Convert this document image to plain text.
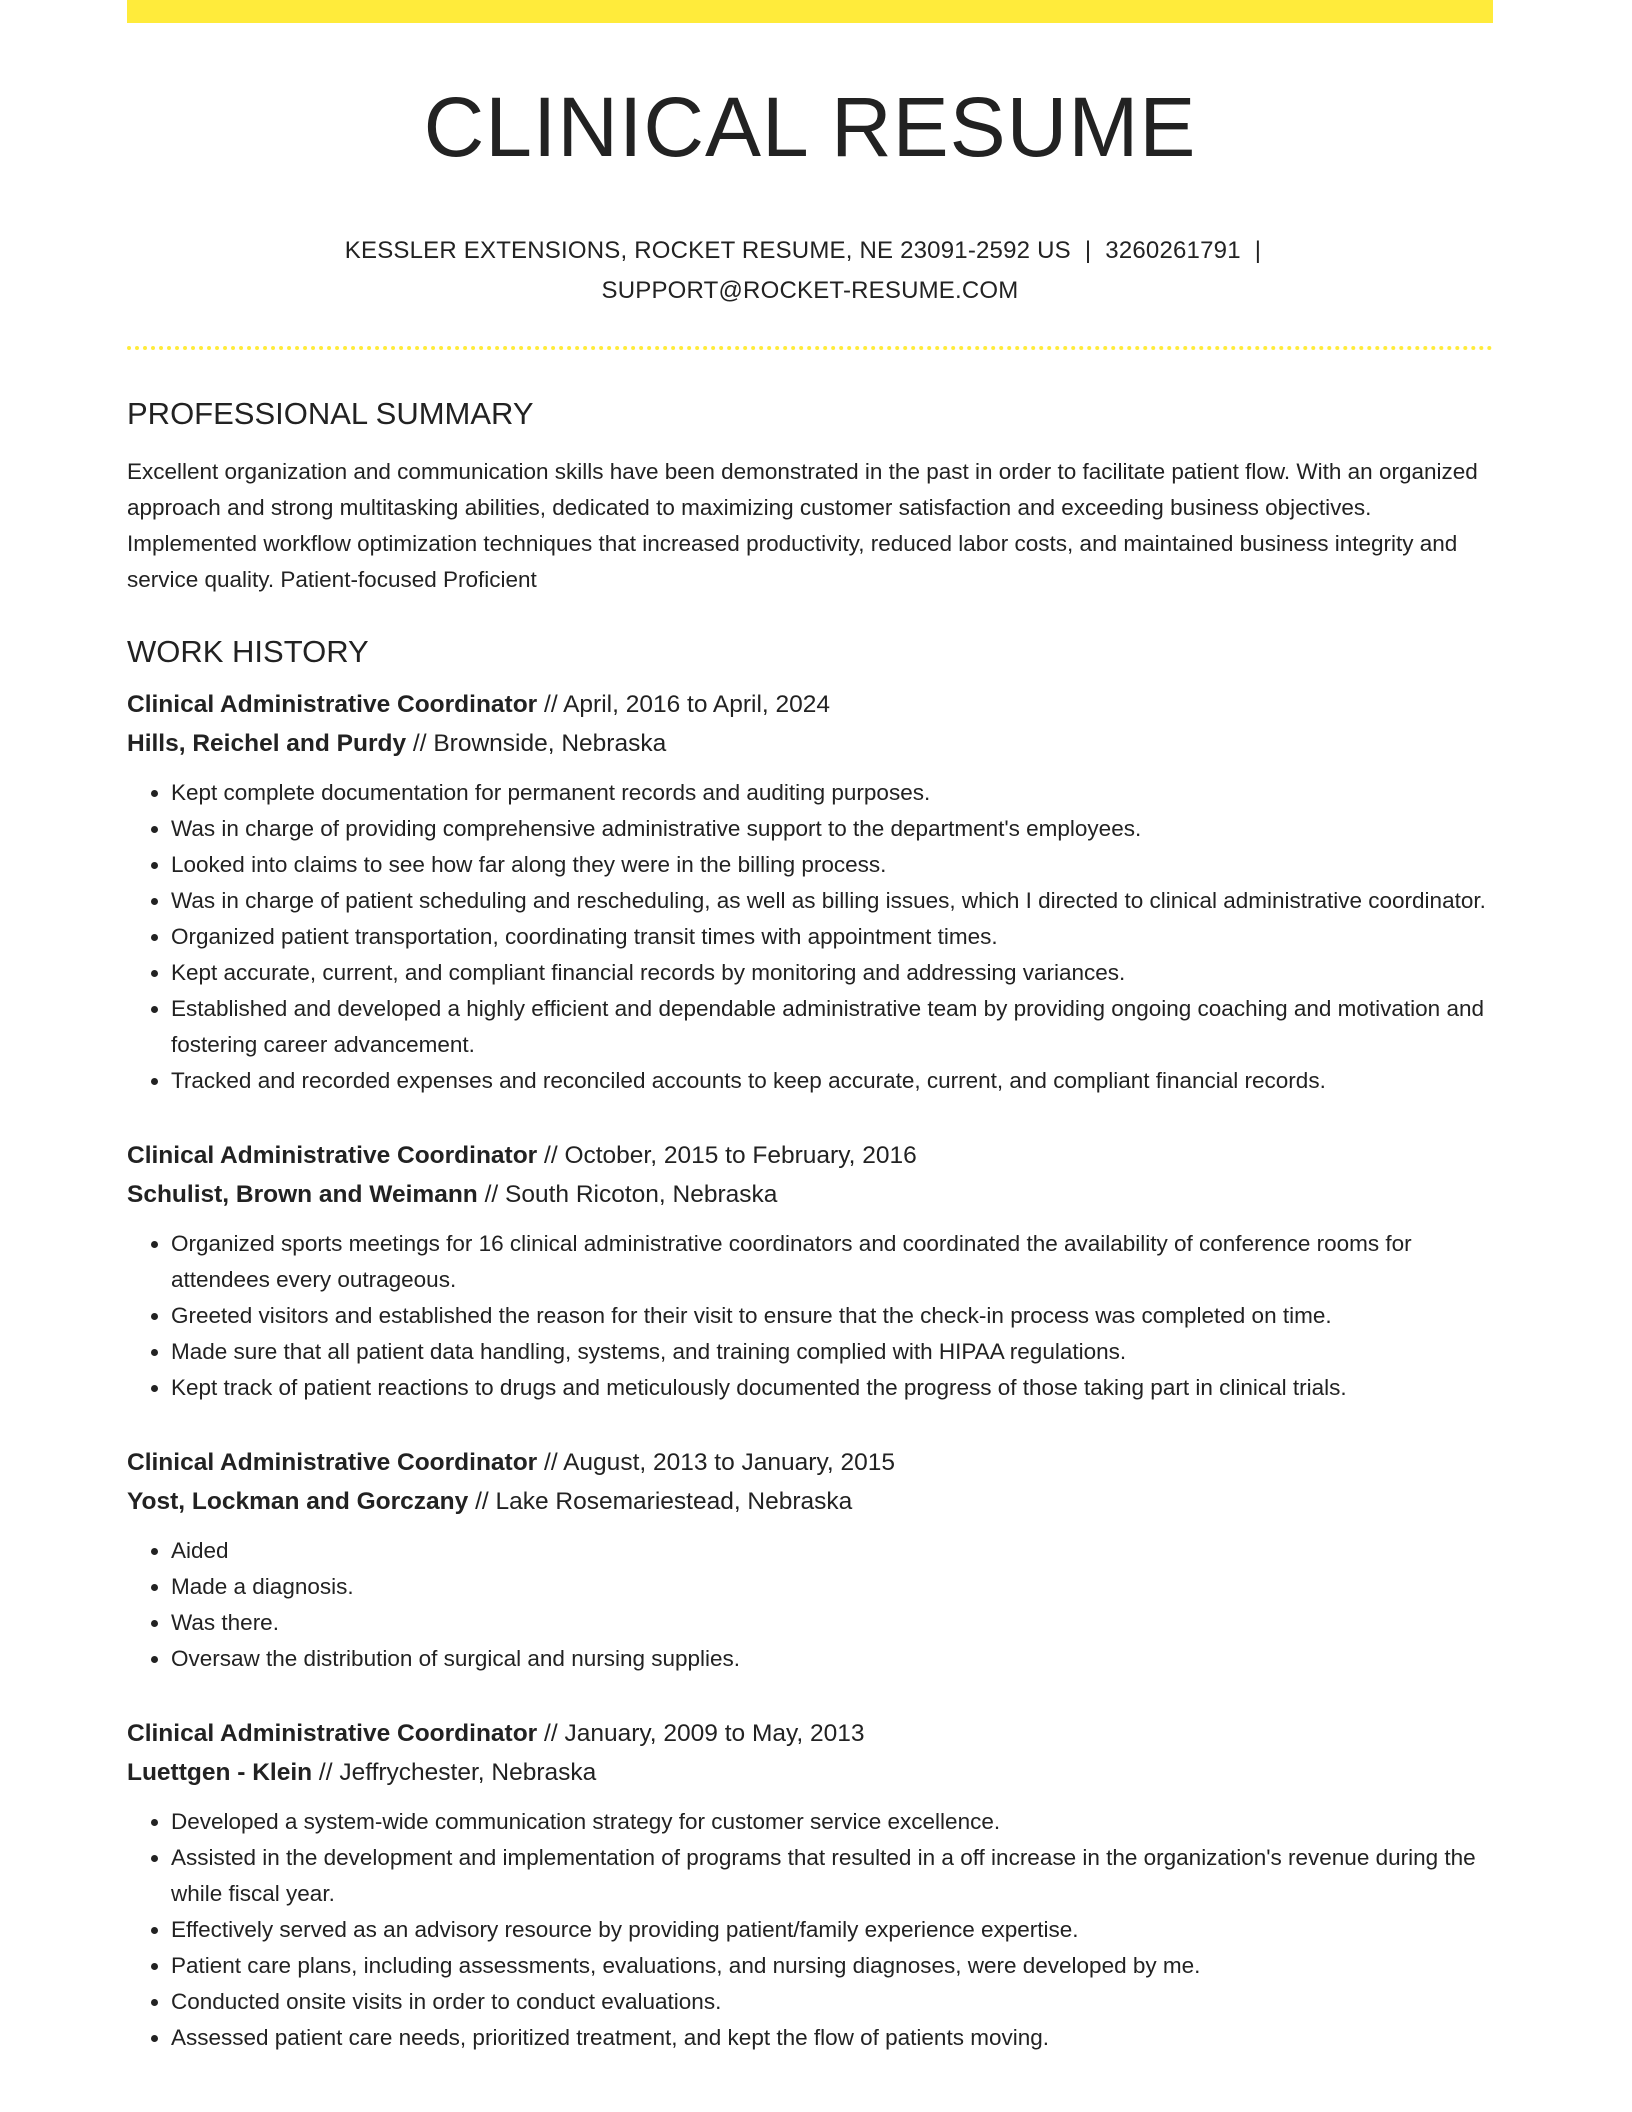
CLINICAL RESUME
KESSLER EXTENSIONS, ROCKET RESUME, NE 23091-2592 US | 3260261791 |
SUPPORT@ROCKET-RESUME.COM
PROFESSIONAL SUMMARY

Excellent organization and communication skills have been demonstrated in the past in order to facilitate patient flow. With an organized approach and strong multitasking abilities, dedicated to maximizing customer satisfaction and exceeding business objectives. Implemented workflow optimization techniques that increased productivity, reduced labor costs, and maintained business integrity and service quality. Patient-focused Proficient

WORK HISTORY
Clinical Administrative Coordinator // April, 2016 to April, 2024
Hills, Reichel and Purdy // Brownside, Nebraska
• Kept complete documentation for permanent records and auditing purposes.
• Was in charge of providing comprehensive administrative support to the department's employees.
• Looked into claims to see how far along they were in the billing process.
• Was in charge of patient scheduling and rescheduling, as well as billing issues, which I directed to clinical administrative coordinator.
• Organized patient transportation, coordinating transit times with appointment times.
• Kept accurate, current, and compliant financial records by monitoring and addressing variances.
• Established and developed a highly efficient and dependable administrative team by providing ongoing coaching and motivation and fostering career advancement.
• Tracked and recorded expenses and reconciled accounts to keep accurate, current, and compliant financial records.
Clinical Administrative Coordinator // October, 2015 to February, 2016
Schulist, Brown and Weimann // South Ricoton, Nebraska
• Organized sports meetings for 16 clinical administrative coordinators and coordinated the availability of conference rooms for attendees every outrageous.
• Greeted visitors and established the reason for their visit to ensure that the check-in process was completed on time.
• Made sure that all patient data handling, systems, and training complied with HIPAA regulations.
• Kept track of patient reactions to drugs and meticulously documented the progress of those taking part in clinical trials.
Clinical Administrative Coordinator // August, 2013 to January, 2015
Yost, Lockman and Gorczany // Lake Rosemariestead, Nebraska
• Aided
• Made a diagnosis.
• Was there.
• Oversaw the distribution of surgical and nursing supplies.
Clinical Administrative Coordinator // January, 2009 to May, 2013
Luettgen - Klein // Jeffrychester, Nebraska
• Developed a system-wide communication strategy for customer service excellence.
• Assisted in the development and implementation of programs that resulted in a off increase in the organization's revenue during the while fiscal year.
• Effectively served as an advisory resource by providing patient/family experience expertise.
• Patient care plans, including assessments, evaluations, and nursing diagnoses, were developed by me.
• Conducted onsite visits in order to conduct evaluations.
• Assessed patient care needs, prioritized treatment, and kept the flow of patients moving.
